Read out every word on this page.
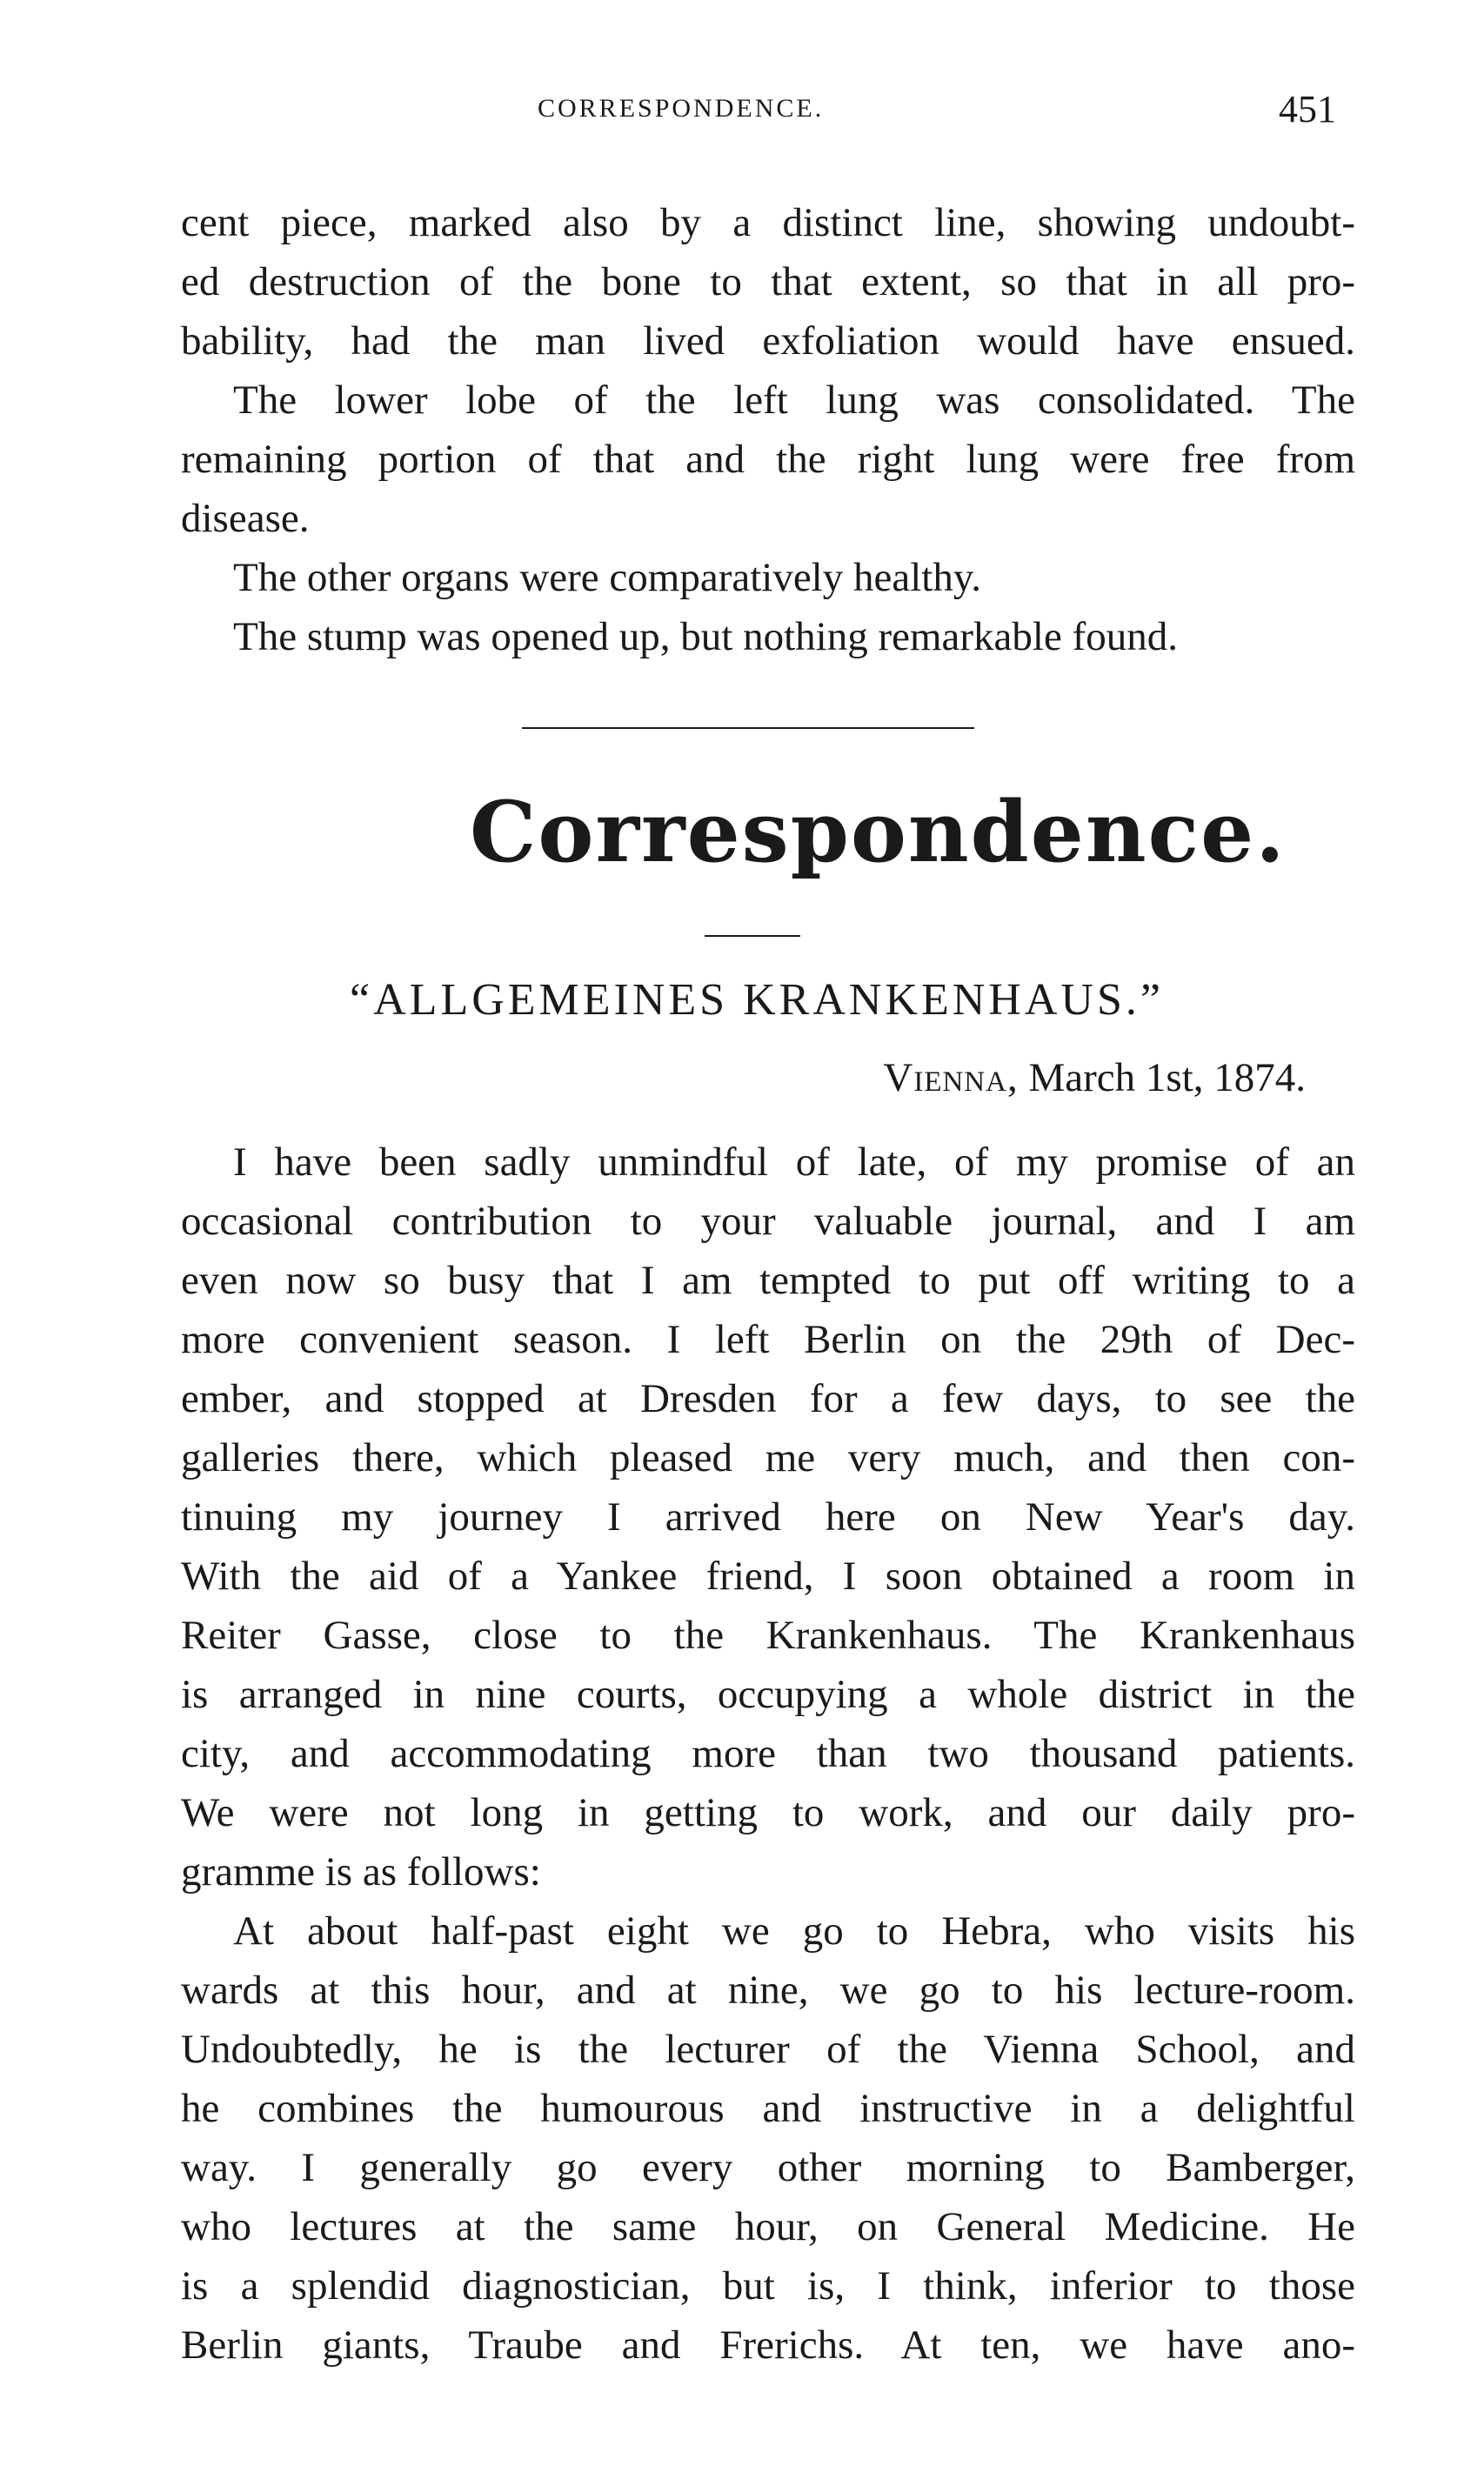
CORRESPONDENCE.	451
cent piece, marked also by a distinct line, showing undoubt-
ed destruction of the bone to that extent, so that in all pro-
bability, had the man lived exfoliation would have ensued.
The lower lobe of the left lung was consolidated. The
remaining portion of that and the right lung were free from
disease.
The other organs were comparatively healthy.
The stump was opened up, but nothing remarkable found.
Correspondence.
“ALLGEMEINES KRANKENHAUS.”
Vienna, March 1st, 1874.
I have been sadly unmindful of late, of my promise of an
occasional contribution to your valuable journal, and I am
even now so busy that I am tempted to put off writing to a
more convenient season. I left Berlin on the 29th of Dec-
ember, and stopped at Dresden for a few days, to see the
galleries there, which pleased me very much, and then con-
tinuing my journey I arrived here on New Year's day.
With the aid of a Yankee friend, I soon obtained a room in
Reiter Gasse, close to the Krankenhaus. The Krankenhaus
is arranged in nine courts, occupying a whole district in the
city, and accommodating more than two thousand patients.
We were not long in getting to work, and our daily pro-
gramme is as follows:
At about half-past eight we go to Hebra, who visits his
wards at this hour, and at nine, we go to his lecture-room.
Undoubtedly, he is the lecturer of the Vienna School, and
he combines the humourous and instructive in a delightful
way. I generally go every other morning to Bamberger,
who lectures at the same hour, on General Medicine. He
is a splendid diagnostician, but is, I think, inferior to those
Berlin giants, Traube and Frerichs. At ten, we have ano-
